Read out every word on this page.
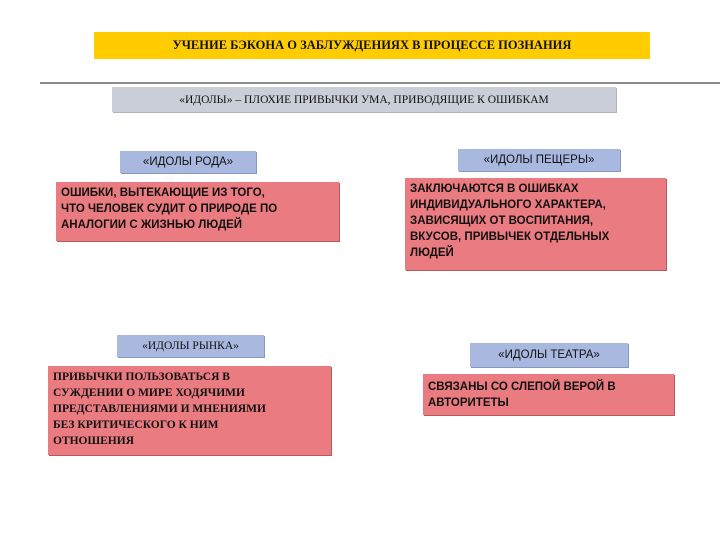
УЧЕНИЕ БЭКОНА О ЗАБЛУЖДЕНИЯХ В ПРОЦЕССЕ ПОЗНАНИЯ
«ИДОЛЫ» – ПЛОХИЕ ПРИВЫЧКИ УМА, ПРИВОДЯЩИЕ К ОШИБКАМ
«ИДОЛЫ РОДА»
ОШИБКИ, ВЫТЕКАЮЩИЕ ИЗ ТОГО,
ЧТО ЧЕЛОВЕК СУДИТ О ПРИРОДЕ ПО
АНАЛОГИИ С ЖИЗНЬЮ ЛЮДЕЙ
«ИДОЛЫ ПЕЩЕРЫ»
ЗАКЛЮЧАЮТСЯ В ОШИБКАХ
ИНДИВИДУАЛЬНОГО ХАРАКТЕРА,
ЗАВИСЯЩИХ ОТ ВОСПИТАНИЯ,
ВКУСОВ, ПРИВЫЧЕК ОТДЕЛЬНЫХ
ЛЮДЕЙ
«ИДОЛЫ РЫНКА»
ПРИВЫЧКИ ПОЛЬЗОВАТЬСЯ В
СУЖДЕНИИ О МИРЕ ХОДЯЧИМИ
ПРЕДСТАВЛЕНИЯМИ И МНЕНИЯМИ
БЕЗ КРИТИЧЕСКОГО К НИМ
ОТНОШЕНИЯ
«ИДОЛЫ ТЕАТРА»
СВЯЗАНЫ СО СЛЕПОЙ ВЕРОЙ В
АВТОРИТЕТЫ
